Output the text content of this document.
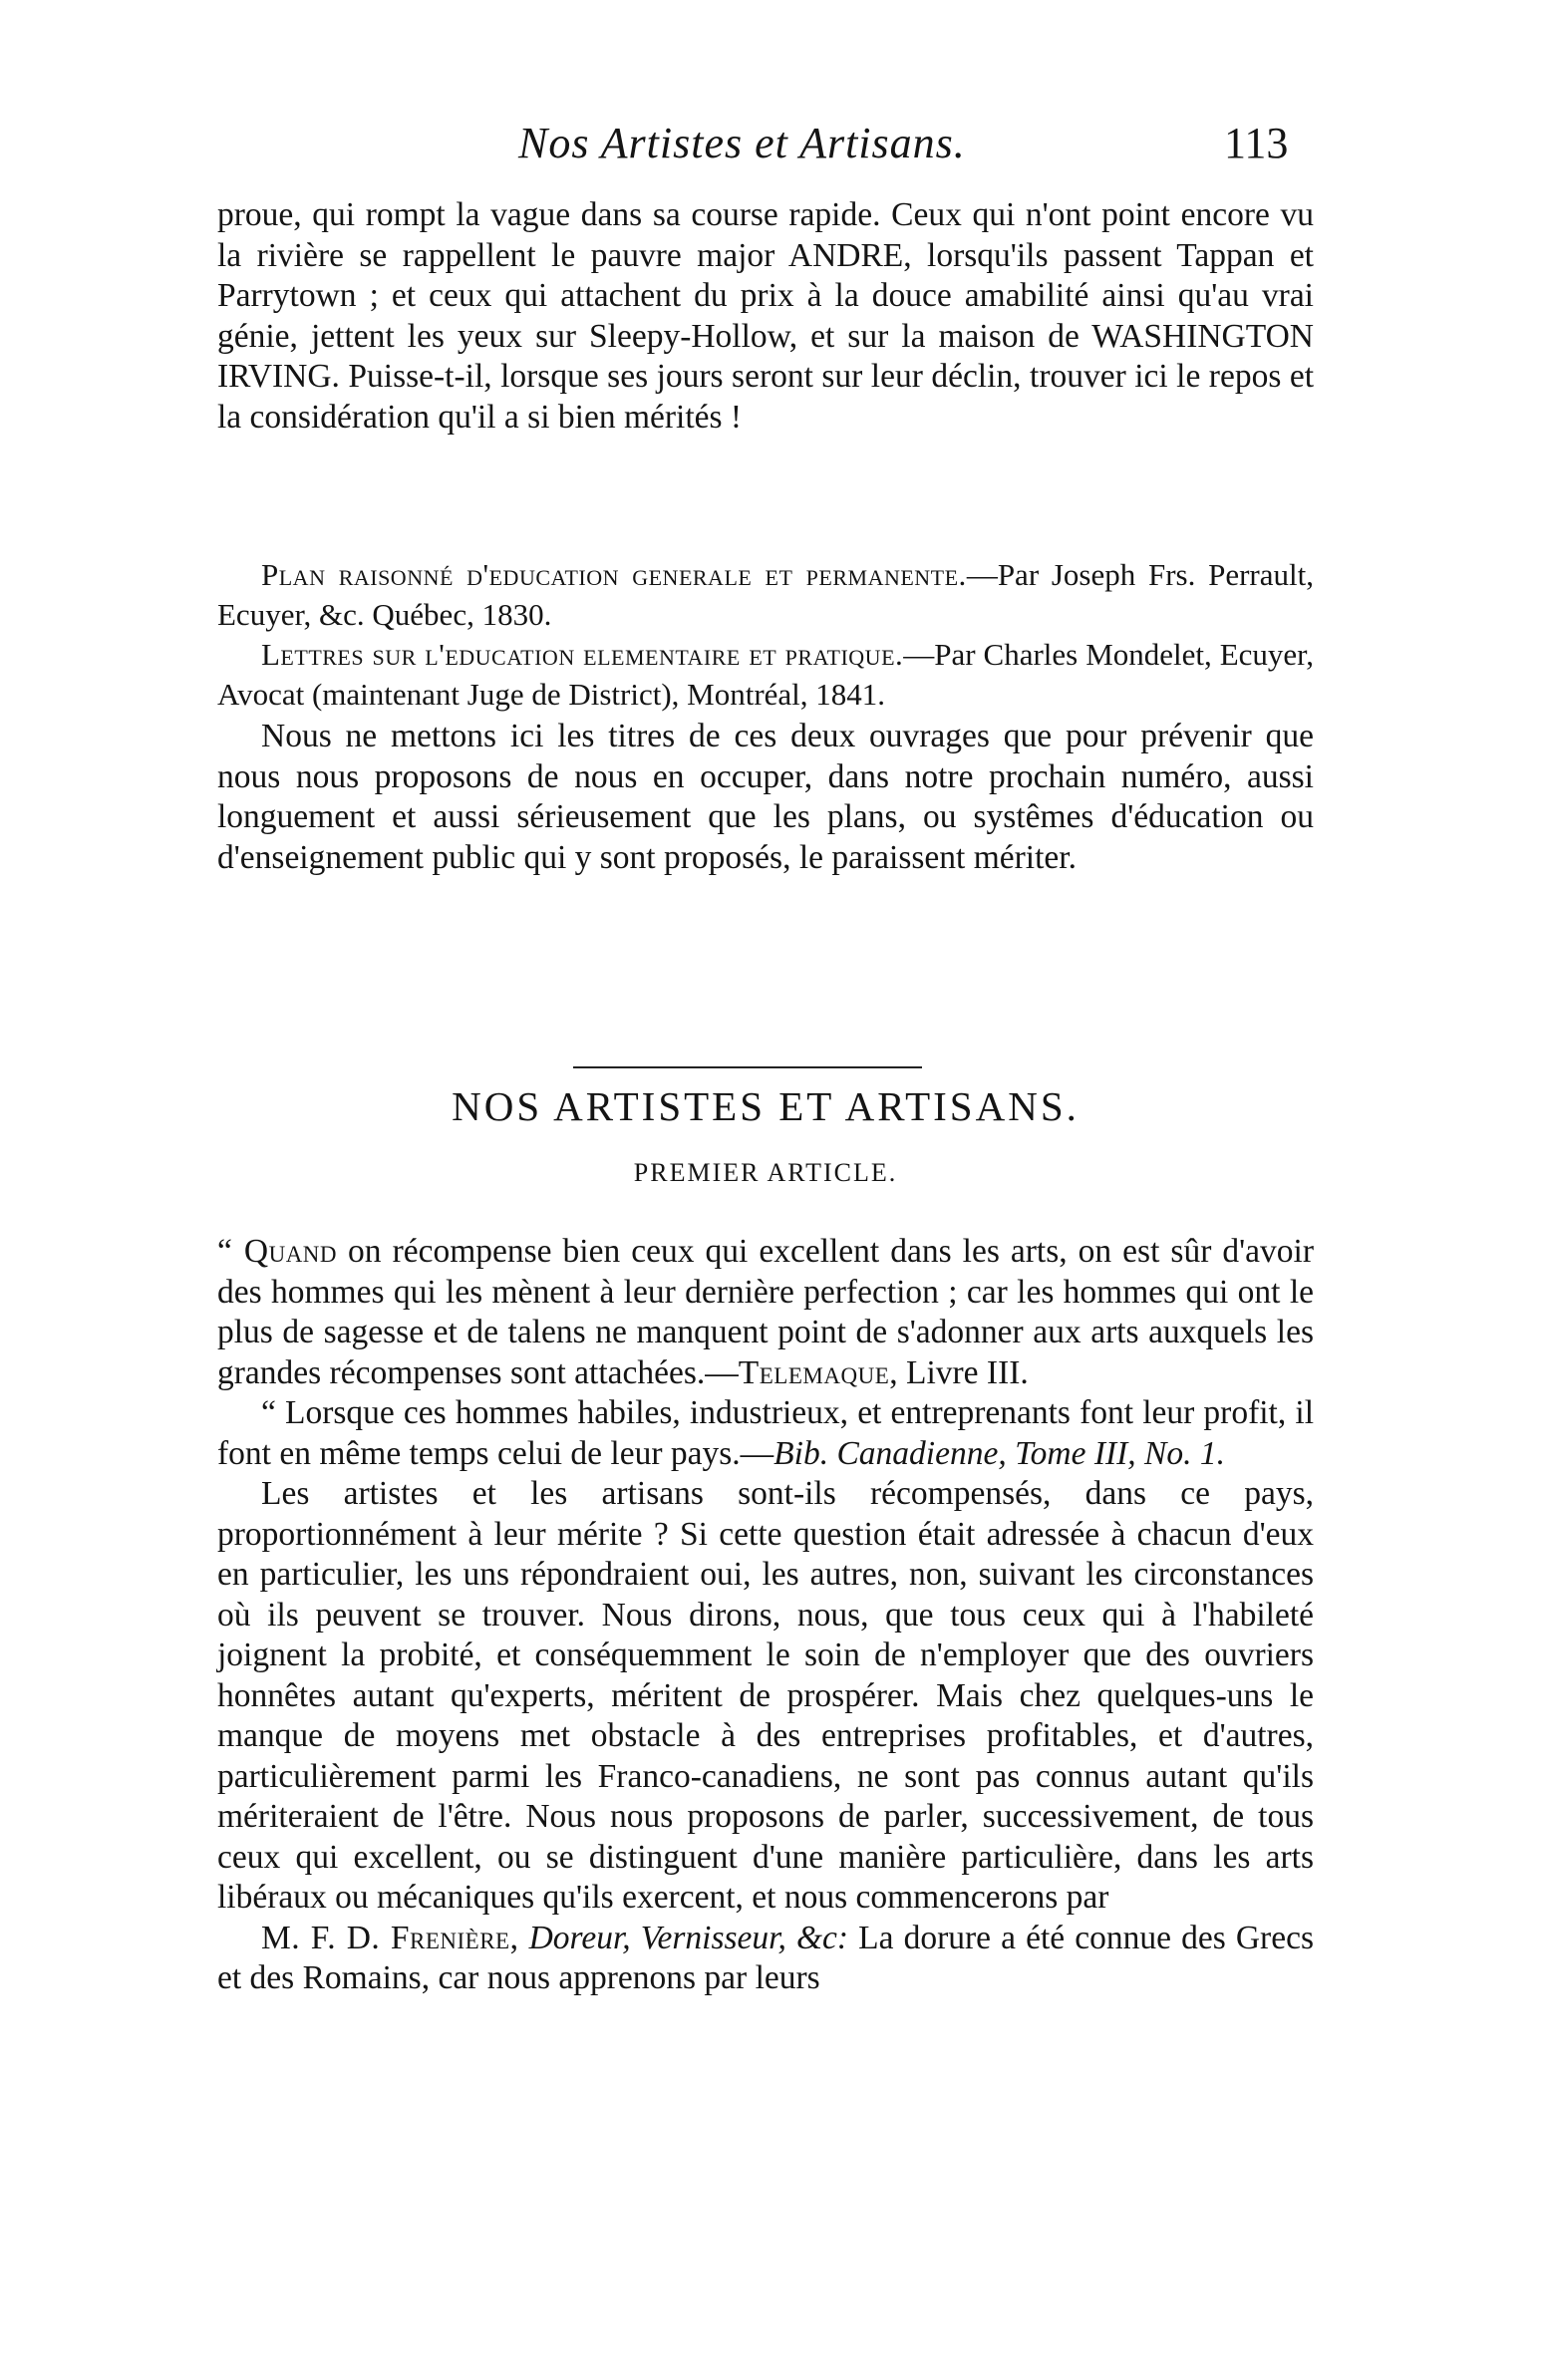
Nos Artistes et Artisans.	113

proue, qui rompt la vague dans sa course rapide. Ceux qui n'ont point encore vu la rivière se rappellent le pauvre major ANDRE, lorsqu'ils passent Tappan et Parrytown ; et ceux qui attachent du prix à la douce amabilité ainsi qu'au vrai génie, jettent les yeux sur Sleepy-Hollow, et sur la maison de WASHINGTON IRVING. Puisse-t-il, lorsque ses jours seront sur leur déclin, trouver ici le repos et la considération qu'il a si bien mérités !

Plan raisonné d'education generale et permanente.—Par Joseph Frs. Perrault, Ecuyer, &c. Québec, 1830.

Lettres sur l'education elementaire et pratique.—Par Charles Mondelet, Ecuyer, Avocat (maintenant Juge de District), Montréal, 1841.

Nous ne mettons ici les titres de ces deux ouvrages que pour prévenir que nous nous proposons de nous en occuper, dans notre prochain numéro, aussi longuement et aussi sérieusement que les plans, ou systêmes d'éducation ou d'enseignement public qui y sont proposés, le paraissent mériter.

NOS ARTISTES ET ARTISANS.
PREMIER ARTICLE.

“ Quand on récompense bien ceux qui excellent dans les arts, on est sûr d'avoir des hommes qui les mènent à leur dernière perfection ; car les hommes qui ont le plus de sagesse et de talens ne manquent point de s'adonner aux arts auxquels les grandes récompenses sont attachées.—Telemaque, Livre III.

“ Lorsque ces hommes habiles, industrieux, et entreprenants font leur profit, il font en même temps celui de leur pays.—Bib. Canadienne, Tome III, No. 1.

Les artistes et les artisans sont-ils récompensés, dans ce pays, proportionnément à leur mérite ? Si cette question était adressée à chacun d'eux en particulier, les uns répondraient oui, les autres, non, suivant les circonstances où ils peuvent se trouver. Nous dirons, nous, que tous ceux qui à l'habileté joignent la probité, et conséquemment le soin de n'employer que des ouvriers honnêtes autant qu'experts, méritent de prospérer. Mais chez quelques-uns le manque de moyens met obstacle à des entreprises profitables, et d'autres, particulièrement parmi les Franco-canadiens, ne sont pas connus autant qu'ils mériteraient de l'être. Nous nous proposons de parler, successivement, de tous ceux qui excellent, ou se distinguent d'une manière particulière, dans les arts libéraux ou mécaniques qu'ils exercent, et nous commencerons par

M. F. D. Frenière, Doreur, Vernisseur, &c: La dorure a été connue des Grecs et des Romains, car nous apprenons par leurs
